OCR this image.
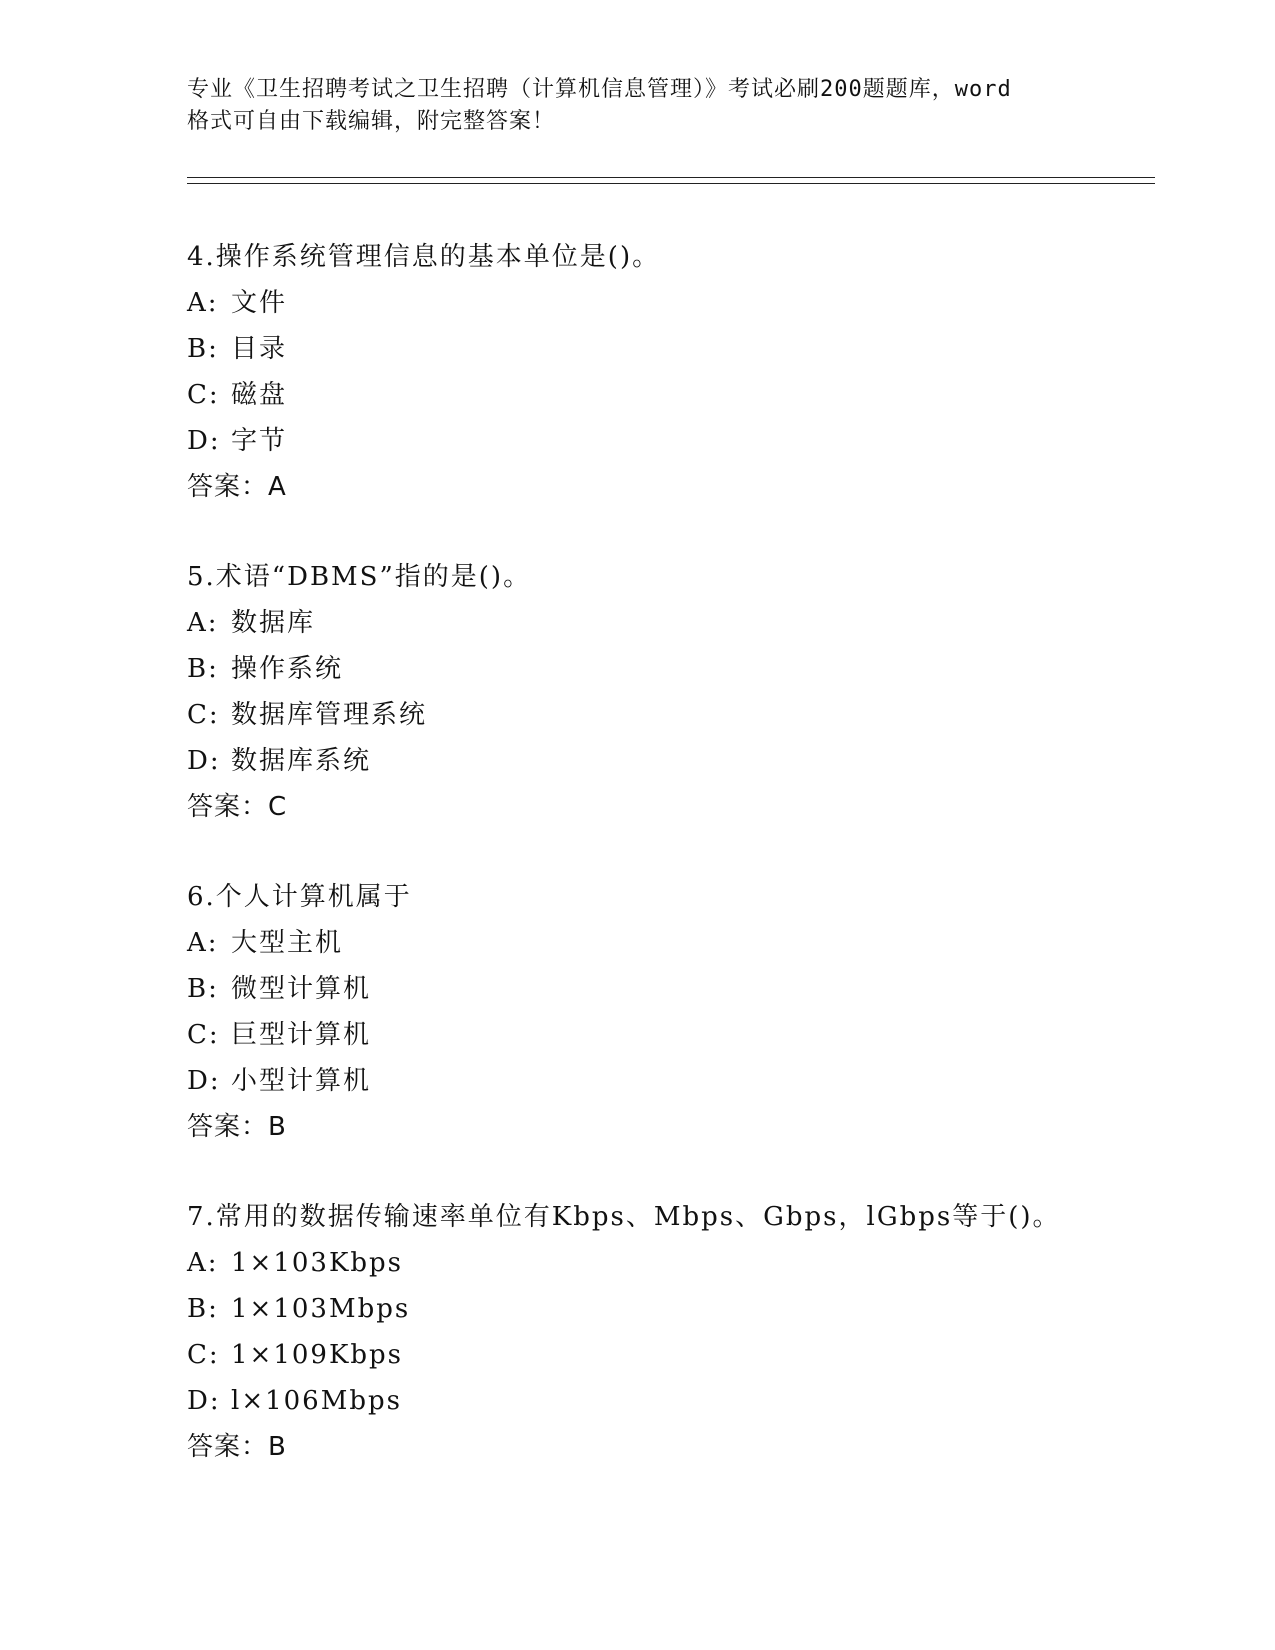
专业《卫生招聘考试之卫生招聘（计算机信息管理）》考试必刷200题题库，word
格式可自由下载编辑，附完整答案！
4.操作系统管理信息的基本单位是()。
A: 文件
B: 目录
C: 磁盘
D: 字节
答案：A
5.术语“DBMS”指的是()。
A: 数据库
B: 操作系统
C: 数据库管理系统
D: 数据库系统
答案：C
6.个人计算机属于
A: 大型主机
B: 微型计算机
C: 巨型计算机
D: 小型计算机
答案：B
7.常用的数据传输速率单位有Kbps、Mbps、Gbps，lGbps等于()。
A: 1×103Kbps
B: 1×103Mbps
C: 1×109Kbps
D: l×106Mbps
答案：B
